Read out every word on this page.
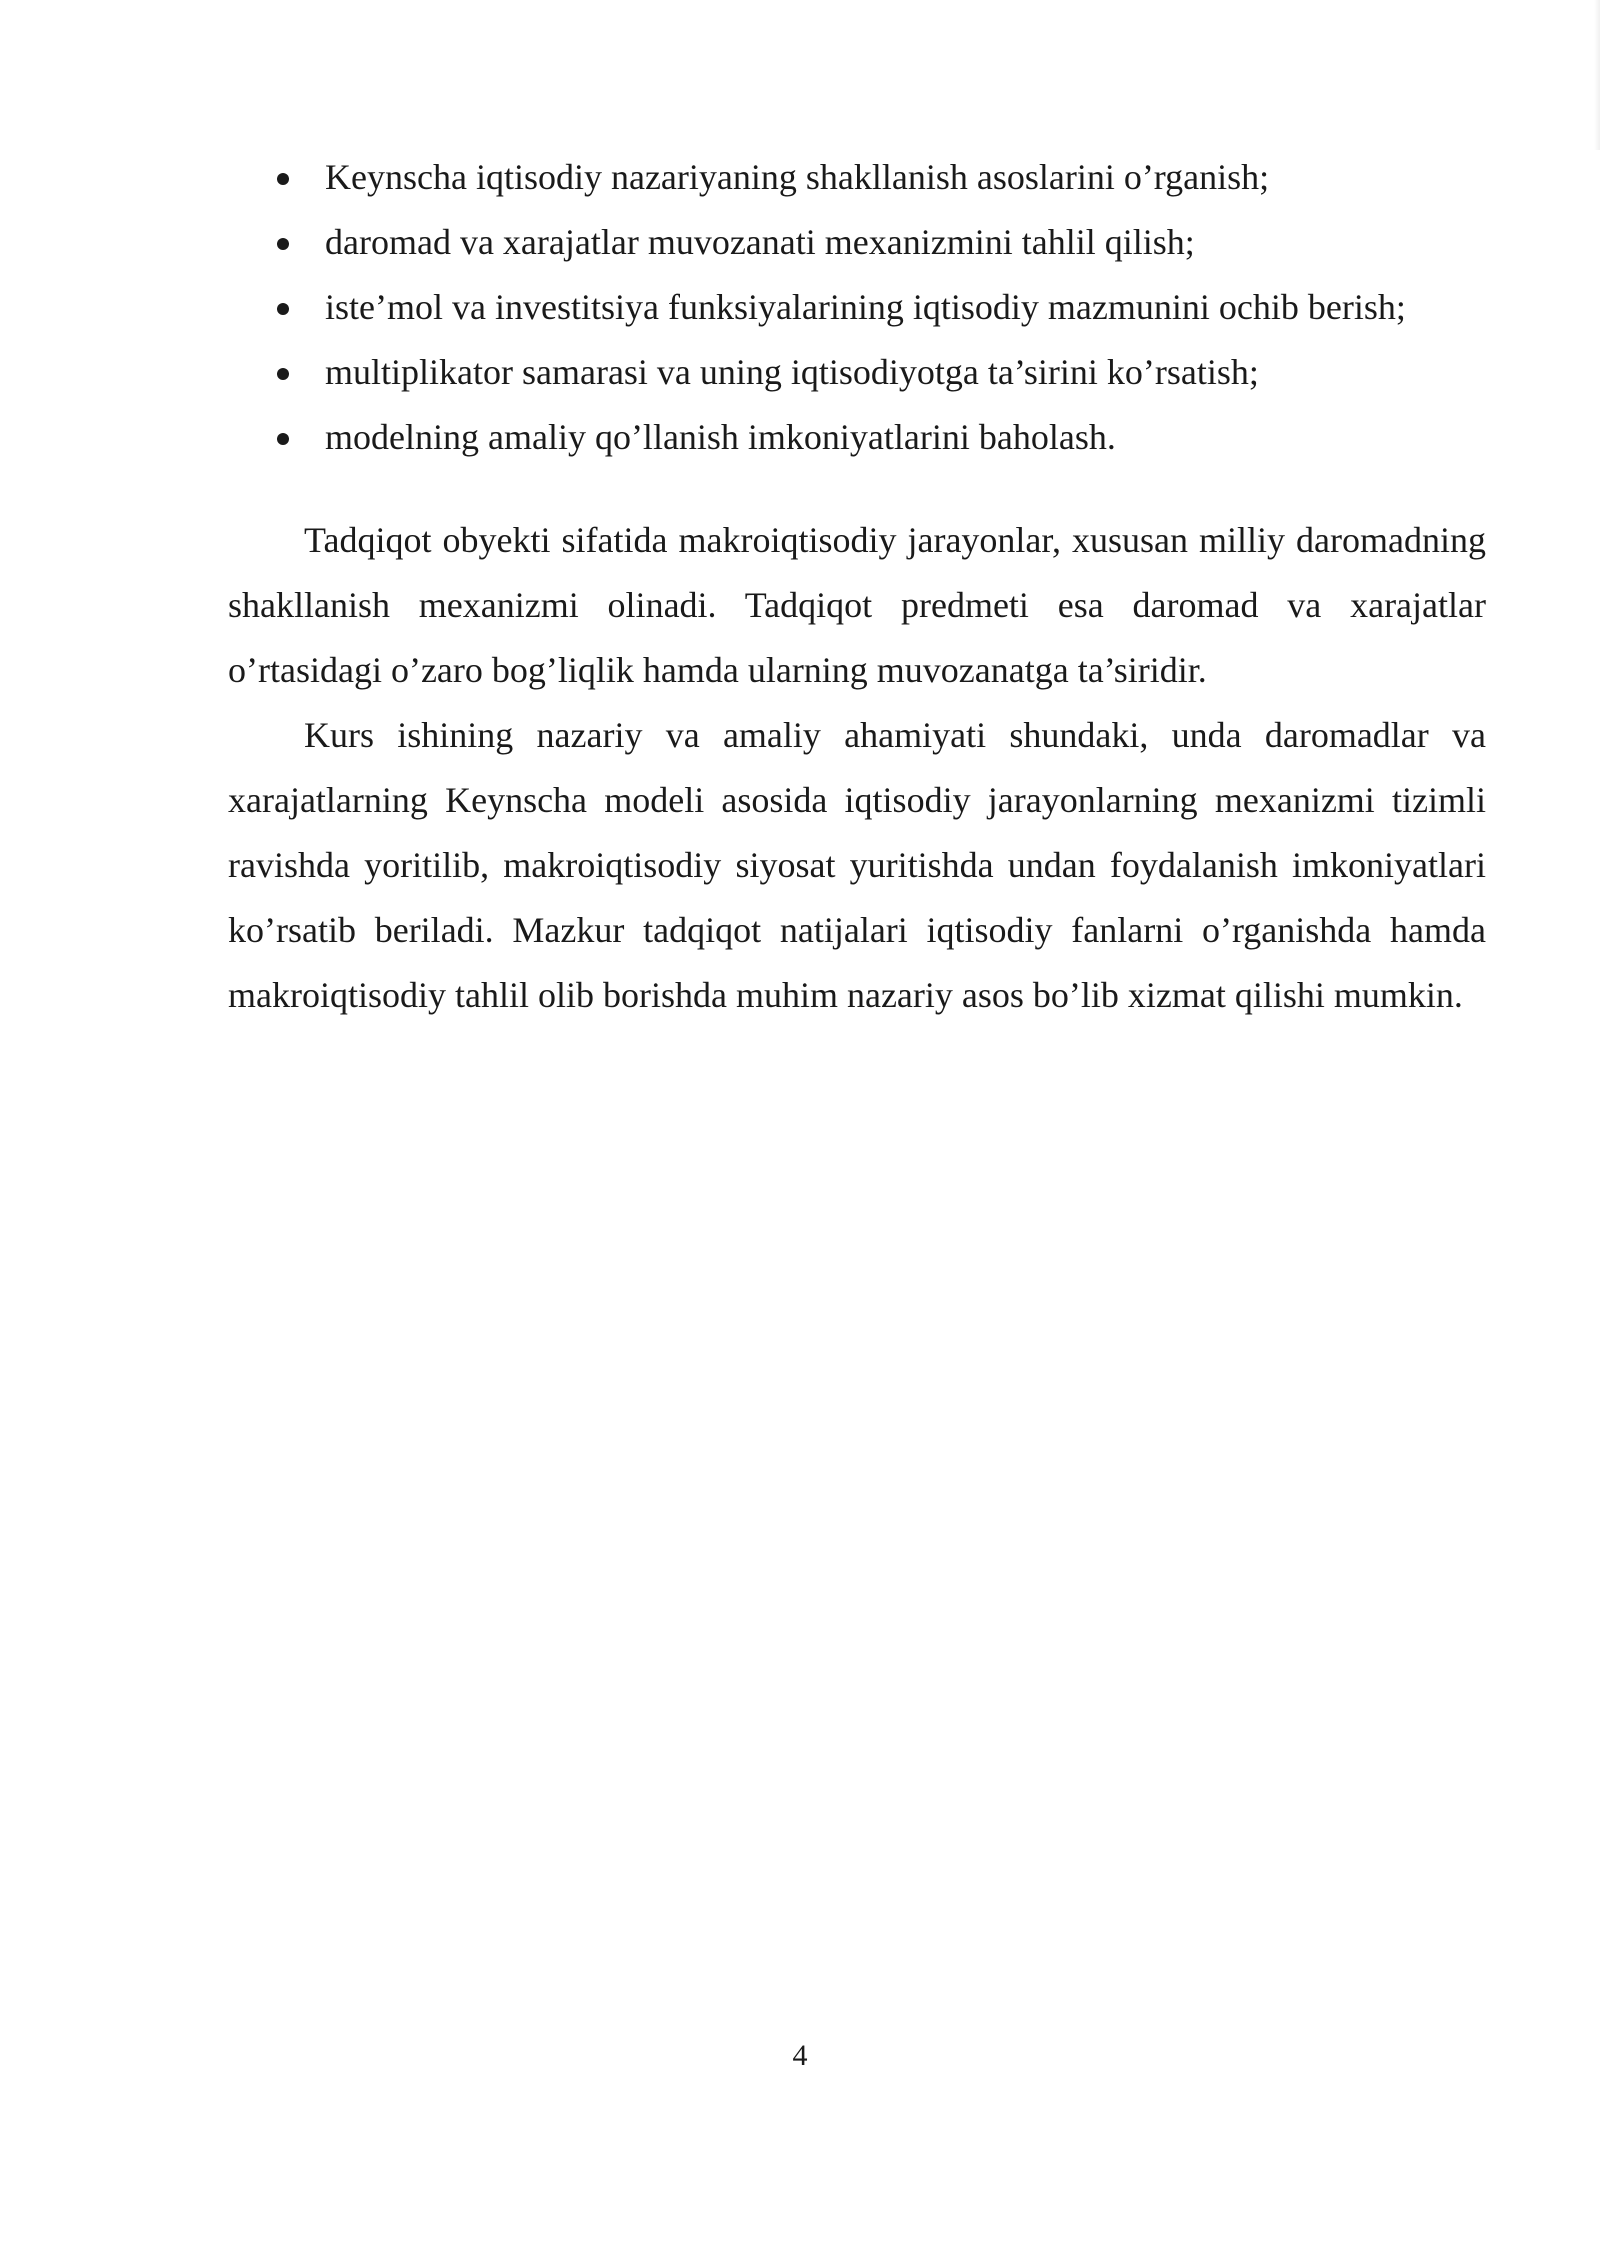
Keynscha iqtisodiy nazariyaning shakllanish asoslarini o’rganish;
daromad va xarajatlar muvozanati mexanizmini tahlil qilish;
iste’mol va investitsiya funksiyalarining iqtisodiy mazmunini ochib berish;
multiplikator samarasi va uning iqtisodiyotga ta’sirini ko’rsatish;
modelning amaliy qo’llanish imkoniyatlarini baholash.

Tadqiqot obyekti sifatida makroiqtisodiy jarayonlar, xususan milliy daromadning shakllanish mexanizmi olinadi. Tadqiqot predmeti esa daromad va xarajatlar o’rtasidagi o’zaro bog’liqlik hamda ularning muvozanatga ta’siridir.

Kurs ishining nazariy va amaliy ahamiyati shundaki, unda daromadlar va xarajatlarning Keynscha modeli asosida iqtisodiy jarayonlarning mexanizmi tizimli ravishda yoritilib, makroiqtisodiy siyosat yuritishda undan foydalanish imkoniyatlari ko’rsatib beriladi. Mazkur tadqiqot natijalari iqtisodiy fanlarni o’rganishda hamda makroiqtisodiy tahlil olib borishda muhim nazariy asos bo’lib xizmat qilishi mumkin.

4
